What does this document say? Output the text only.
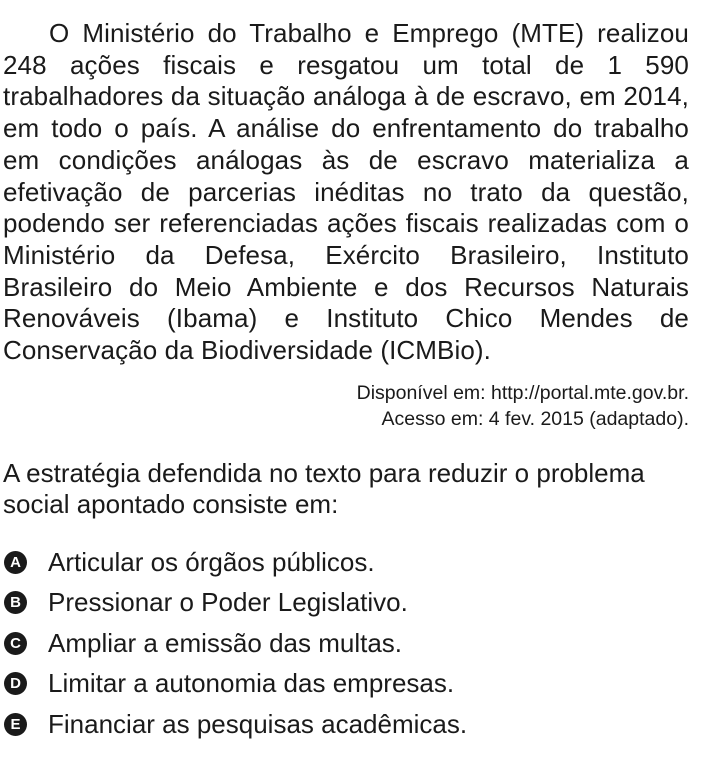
O Ministério do Trabalho e Emprego (MTE) realizou 248 ações fiscais e resgatou um total de 1 590 trabalhadores da situação análoga à de escravo, em 2014, em todo o país. A análise do enfrentamento do trabalho em condições análogas às de escravo materializa a efetivação de parcerias inéditas no trato da questão, podendo ser referenciadas ações fiscais realizadas com o Ministério da Defesa, Exército Brasileiro, Instituto Brasileiro do Meio Ambiente e dos Recursos Naturais Renováveis (Ibama) e Instituto Chico Mendes de Conservação da Biodiversidade (ICMBio).

Disponível em: http://portal.mte.gov.br.
Acesso em: 4 fev. 2015 (adaptado).

A estratégia defendida no texto para reduzir o problema social apontado consiste em:

A Articular os órgãos públicos.
B Pressionar o Poder Legislativo.
C Ampliar a emissão das multas.
D Limitar a autonomia das empresas.
E Financiar as pesquisas acadêmicas.
